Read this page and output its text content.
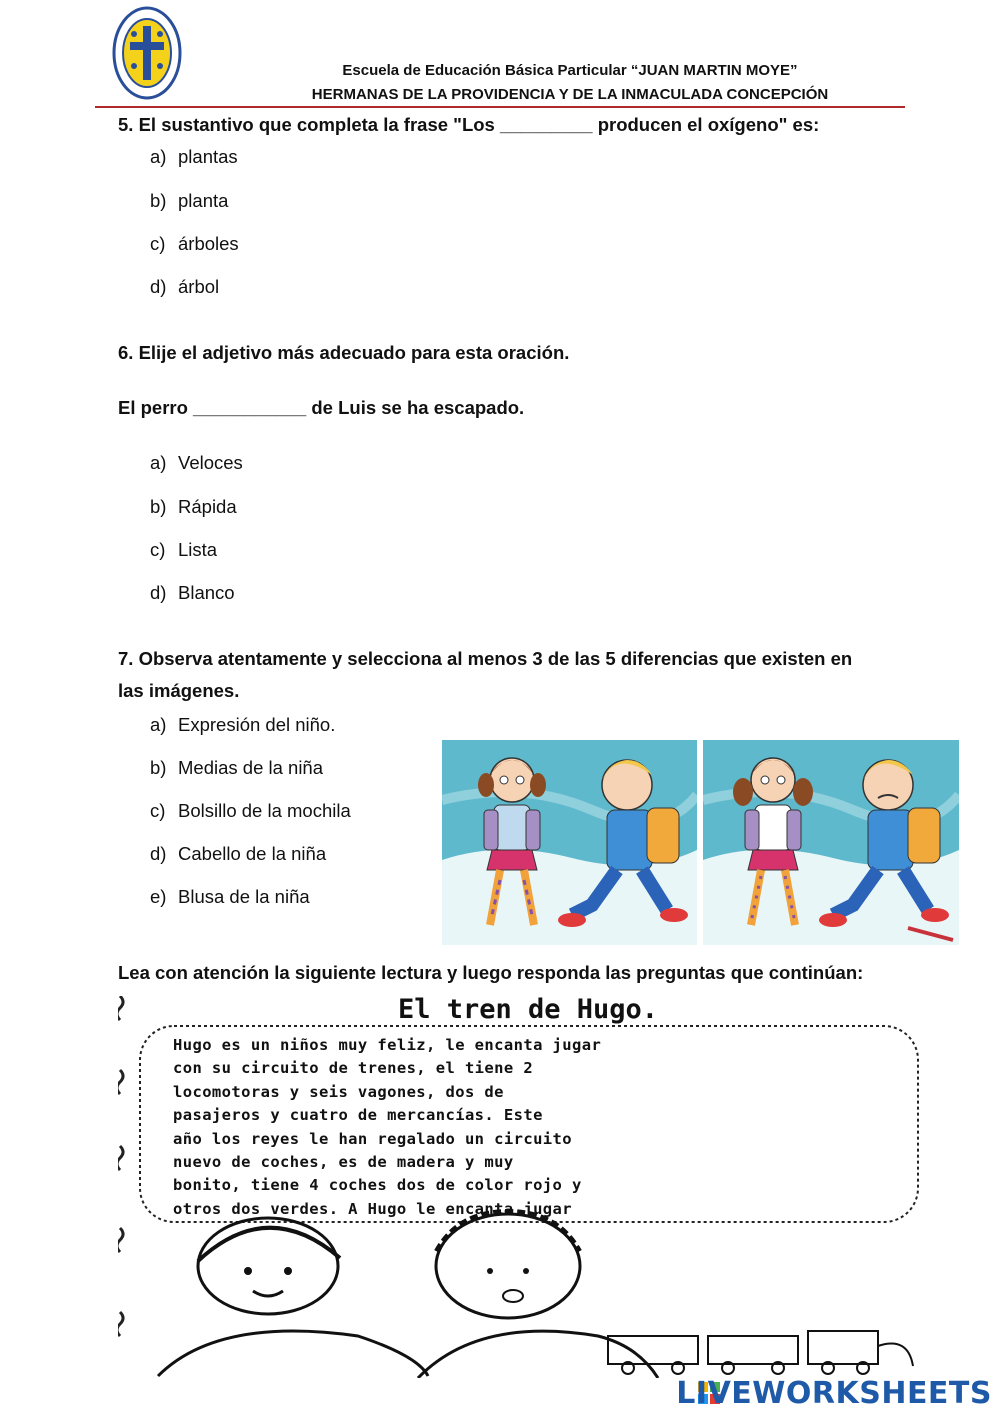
Escuela de Educación Básica Particular “JUAN MARTIN MOYE”
HERMANAS DE LA PROVIDENCIA Y DE LA INMACULADA CONCEPCIÓN
5. El sustantivo que completa la frase "Los _________ producen el oxígeno" es:
a) plantas
b) planta
c) árboles
d) árbol
6. Elije el adjetivo más adecuado para esta oración.
El perro ___________ de Luis se ha escapado.
a) Veloces
b) Rápida
c) Lista
d) Blanco
7. Observa atentamente y selecciona al menos 3 de las 5 diferencias que existen en
las imágenes.
a) Expresión del niño.
b) Medias de la niña
c) Bolsillo de la mochila
d) Cabello de la niña
e) Blusa de la niña
Lea con atención la siguiente lectura y luego responda las preguntas que continúan:
El tren de Hugo.
Hugo es un niños muy feliz, le encanta jugar
con su circuito de trenes, el tiene 2
locomotoras y seis vagones, dos de
pasajeros y cuatro de mercancías. Este
año los reyes le han regalado un circuito
nuevo de coches, es de madera y muy
bonito, tiene 4 coches dos de color rojo y
otros dos verdes. A Hugo le encanta jugar
LIVEWORKSHEETS
